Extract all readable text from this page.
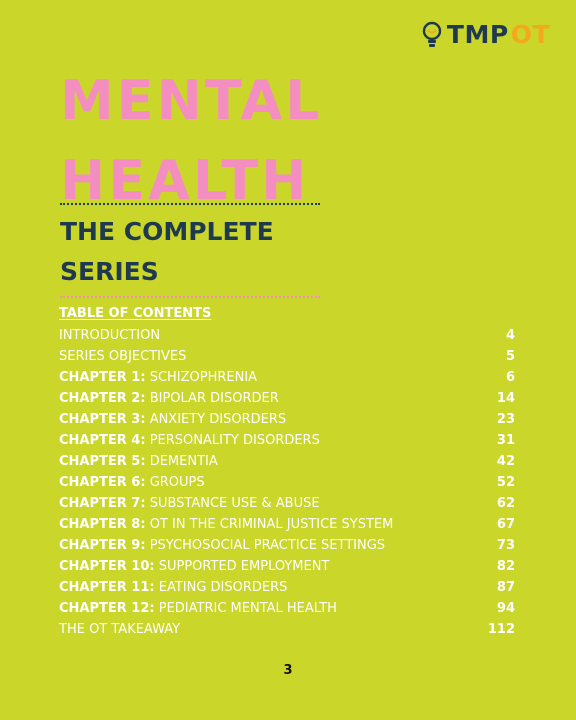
TMP OT
MENTAL
HEALTH
THE COMPLETE
SERIES
TABLE OF CONTENTS
INTRODUCTION	4
SERIES OBJECTIVES	5
CHAPTER 1: SCHIZOPHRENIA	6
CHAPTER 2: BIPOLAR DISORDER	14
CHAPTER 3: ANXIETY DISORDERS	23
CHAPTER 4: PERSONALITY DISORDERS	31
CHAPTER 5: DEMENTIA	42
CHAPTER 6: GROUPS	52
CHAPTER 7: SUBSTANCE USE & ABUSE	62
CHAPTER 8: OT IN THE CRIMINAL JUSTICE SYSTEM	67
CHAPTER 9: PSYCHOSOCIAL PRACTICE SETTINGS	73
CHAPTER 10: SUPPORTED EMPLOYMENT	82
CHAPTER 11: EATING DISORDERS	87
CHAPTER 12: PEDIATRIC MENTAL HEALTH	94
THE OT TAKEAWAY	112
3
